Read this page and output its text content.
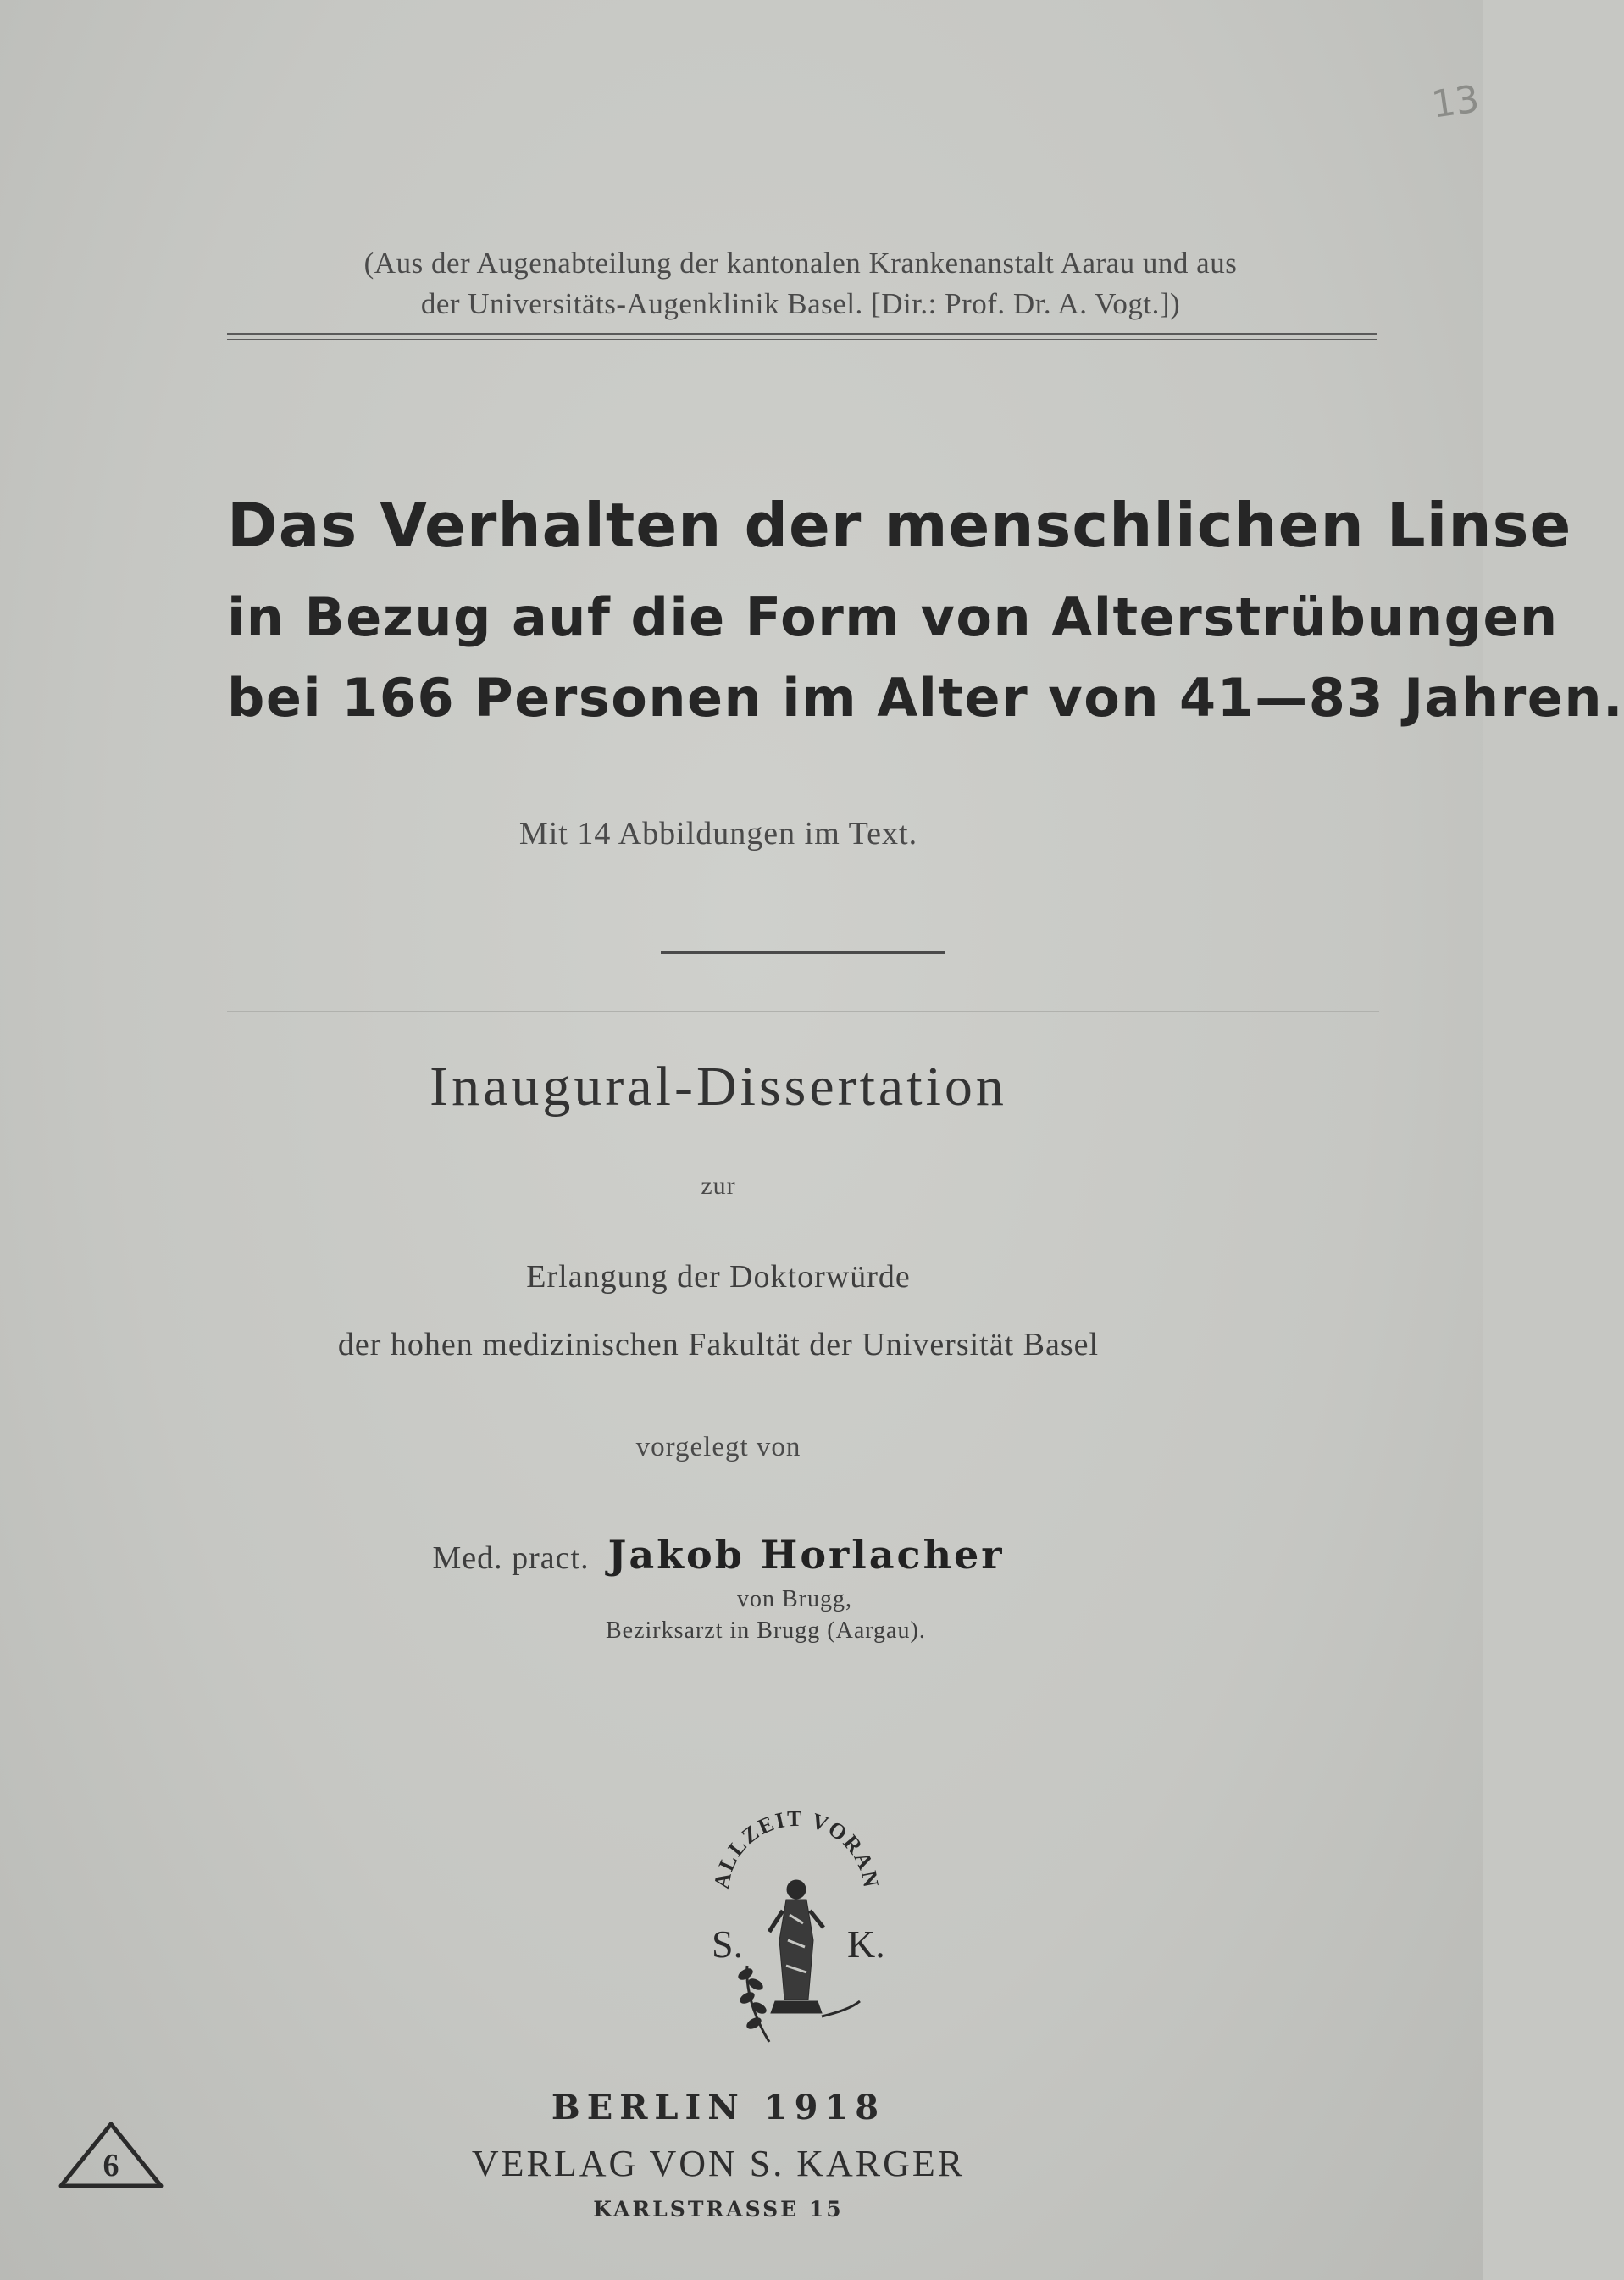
13
(Aus der Augenabteilung der kantonalen Krankenanstalt Aarau und aus
der Universitäts-Augenklinik Basel. [Dir.: Prof. Dr. A. Vogt.])
Das Verhalten der menschlichen Linse
in Bezug auf die Form von Alterstrübungen
bei 166 Personen im Alter von 41—83 Jahren.
Mit 14 Abbildungen im Text.
Inaugural-Dissertation
zur
Erlangung der Doktorwürde
der hohen medizinischen Fakultät der Universität Basel
vorgelegt von
Med. pract. Jakob Horlacher
von Brugg,
Bezirksarzt in Brugg (Aargau).
ALLZEIT VORAN
S.	K.
BERLIN 1918
VERLAG VON S. KARGER
KARLSTRASSE 15
6
